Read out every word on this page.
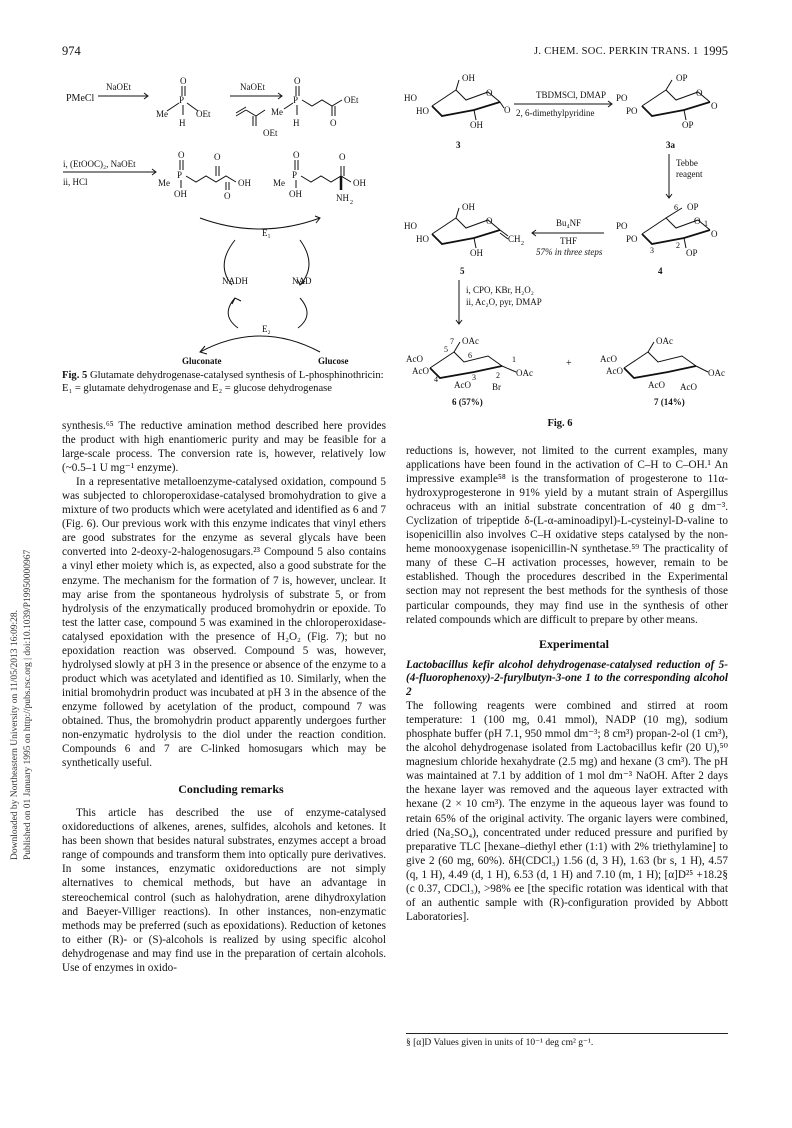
974	J. CHEM. SOC. PERKIN TRANS. 1 1995
Downloaded by Northeastern University on 11/05/2013 16:09:28. Published on 01 January 1995 on http://pubs.rsc.org | doi:10.1039/P19950000967
PMeCl
NaOEt
O
P
Me	OEt
H
NaOEt
OEt
O
P
Me
H	O
OEt
i, (EtOOC)₂, NaOEt
ii, HCl
O
P
Me
OH
O
O
OH
O
P
Me
OH
O
OH
NH 2
E₁
NADH	NAD
E₂
Gluconate	Glucose
Fig. 5 Glutamate dehydrogenase-catalysed synthesis of L-phosphinothricin: E₁ = glutamate dehydrogenase and E₂ = glucose dehydrogenase
OH
O
HO
HO
OH
O
3
TBDMSCl, DMAP
2, 6-dimethylpyridine
OP
O
PO
PO
OP
O
3a
Tebbe
reagent
6 OP
O
PO
PO
OP
O
3
2
1
4
Bu₄NF
THF
57% in three steps
OH
O
HO
HO
OH
CH 2
5
i, CPO, KBr, H₂O₂
ii, Ac₂O, pyr, DMAP
7 OAc
5
6
AcO
AcO
4	3	2
1
OAc
AcO Br
6 (57%)
+
OAc
AcO
AcO	OAc
AcO AcO
7 (14%)
Fig. 6

synthesis.⁶⁵ The reductive amination method described here provides the product with high enantiomeric purity and may be feasible for a large-scale process. The conversion rate is, however, relatively low (~0.5–1 U mg⁻¹ enzyme).

In a representative metalloenzyme-catalysed oxidation, compound 5 was subjected to chloroperoxidase-catalysed bromohydration to give a mixture of two products which were acetylated and identified as 6 and 7 (Fig. 6). Our previous work with this enzyme indicates that vinyl ethers are good substrates for the enzyme as several glycals have been converted into 2-deoxy-2-halogenosugars.²³ Compound 5 also contains a vinyl ether moiety which is, as expected, also a good substrate for the enzyme. The mechanism for the formation of 7 is, however, unclear. It may arise from the spontaneous hydrolysis of substrate 5, or from hydrolysis of the enzymatically produced bromohydrin or epoxide. To test the latter case, compound 5 was examined in the chloroperoxidase-catalysed epoxidation with the presence of H₂O₂ (Fig. 7); but no epoxidation reaction was observed. Compound 5 was, however, hydrolysed slowly at pH 3 in the presence or absence of the enzyme to a product which was acetylated and identified as 10. Similarly, when the initial bromohydrin product was incubated at pH 3 in the absence of the enzyme followed by acetylation of the product, compound 7 was obtained. Thus, the bromohydrin product apparently undergoes further non-enzymatic hydrolysis to the diol under the reaction condition. Compounds 6 and 7 are C-linked homosugars which may be synthetically useful.

Concluding remarks

This article has described the use of enzyme-catalysed oxidoreductions of alkenes, arenes, sulfides, alcohols and ketones. It has been shown that besides natural substrates, enzymes accept a broad range of compounds and transform them into optically pure derivatives. In some instances, enzymatic oxidoreductions are not simply alternatives to chemical methods, but have an advantage in stereochemical control (such as halohydration, arene dihydroxylation and Baeyer-Villiger reactions). In other instances, non-enzymatic methods may be preferred (such as epoxidations). Reduction of ketones to either (R)- or (S)-alcohols is realized by using specific alcohol dehydrogenase and may find use in the preparation of certain alcohols. Use of enzymes in oxido-

reductions is, however, not limited to the current examples, many applications have been found in the activation of C–H to C–OH.¹ An impressive example⁵⁸ is the transformation of progesterone to 11α-hydroxyprogesterone in 91% yield by a mutant strain of Aspergillus ochraceus with an initial substrate concentration of 40 g dm⁻³. Cyclization of tripeptide δ-(L-α-aminoadipyl)-L-cysteinyl-D-valine to isopenicillin also involves C–H oxidative steps catalysed by the non-heme monooxygenase isopenicillin-N synthetase.⁵⁹ The practicality of many of these C–H activation processes, however, remain to be established. Though the procedures described in the Experimental section may not represent the best methods for the synthesis of those particular compounds, they may find use in the synthesis of other related compounds which are difficult to prepare by other means.

Experimental

Lactobacillus kefir alcohol dehydrogenase-catalysed reduction of 5-(4-fluorophenoxy)-2-furylbutyn-3-one 1 to the corresponding alcohol 2

The following reagents were combined and stirred at room temperature: 1 (100 mg, 0.41 mmol), NADP (10 mg), sodium phosphate buffer (pH 7.1, 950 mmol dm⁻³; 8 cm³) propan-2-ol (1 cm³), the alcohol dehydrogenase isolated from Lactobacillus kefir (20 U),⁵⁰ magnesium chloride hexahydrate (2.5 mg) and hexane (3 cm³). The pH was maintained at 7.1 by addition of 1 mol dm⁻³ NaOH. After 2 days the hexane layer was removed and the aqueous layer extracted with hexane (2 × 10 cm³). The enzyme in the aqueous layer was found to retain 65% of the original activity. The organic layers were combined, dried (Na₂SO₄), concentrated under reduced pressure and purified by preparative TLC [hexane–diethyl ether (1:1) with 2% triethylamine] to give 2 (60 mg, 60%). δH(CDCl₃) 1.56 (d, 3 H), 1.63 (br s, 1 H), 4.57 (q, 1 H), 4.49 (d, 1 H), 6.53 (d, 1 H) and 7.10 (m, 1 H); [α]D²⁵ +18.2§ (c 0.37, CDCl₃), >98% ee [the specific rotation was identical with that of an authentic sample with (R)-configuration provided by Abbott Laboratories].

§ [α]D Values given in units of 10⁻¹ deg cm² g⁻¹.
